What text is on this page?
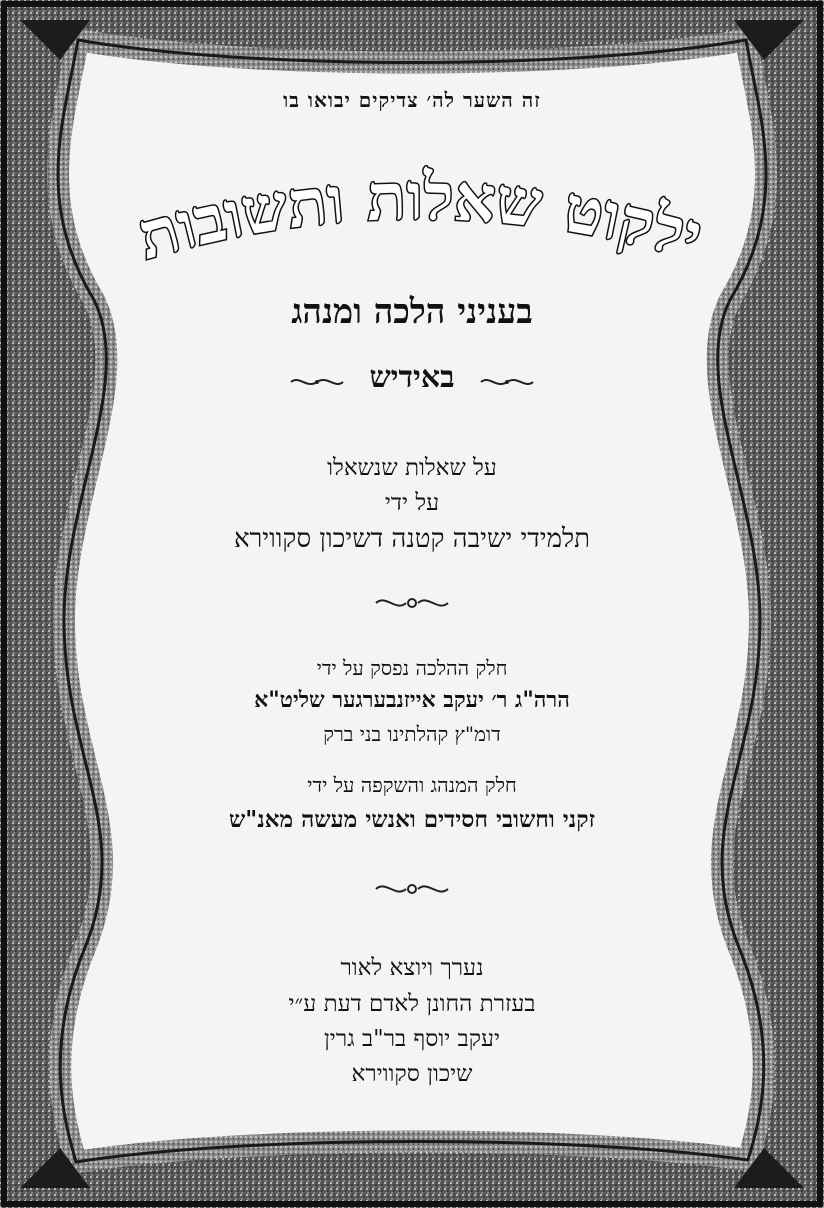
ילקוט שאלות ותשובות
זה השער לה׳ צדיקים יבואו בו
בעניני הלכה ומנהג
באידיש
על שאלות שנשאלו
על ידי
תלמידי ישיבה קטנה דשיכון סקווירא
חלק ההלכה נפסק על ידי
הרה"ג ר׳ יעקב אייזנבערגער שליט"א
דומ"ץ קהלתינו בני ברק
חלק המנהג והשקפה על ידי
זקני וחשובי חסידים ואנשי מעשה מאנ"ש
נערך ויוצא לאור
בעזרת החונן לאדם דעת ע״י
יעקב יוסף בר"ב גרין
שיכון סקווירא
